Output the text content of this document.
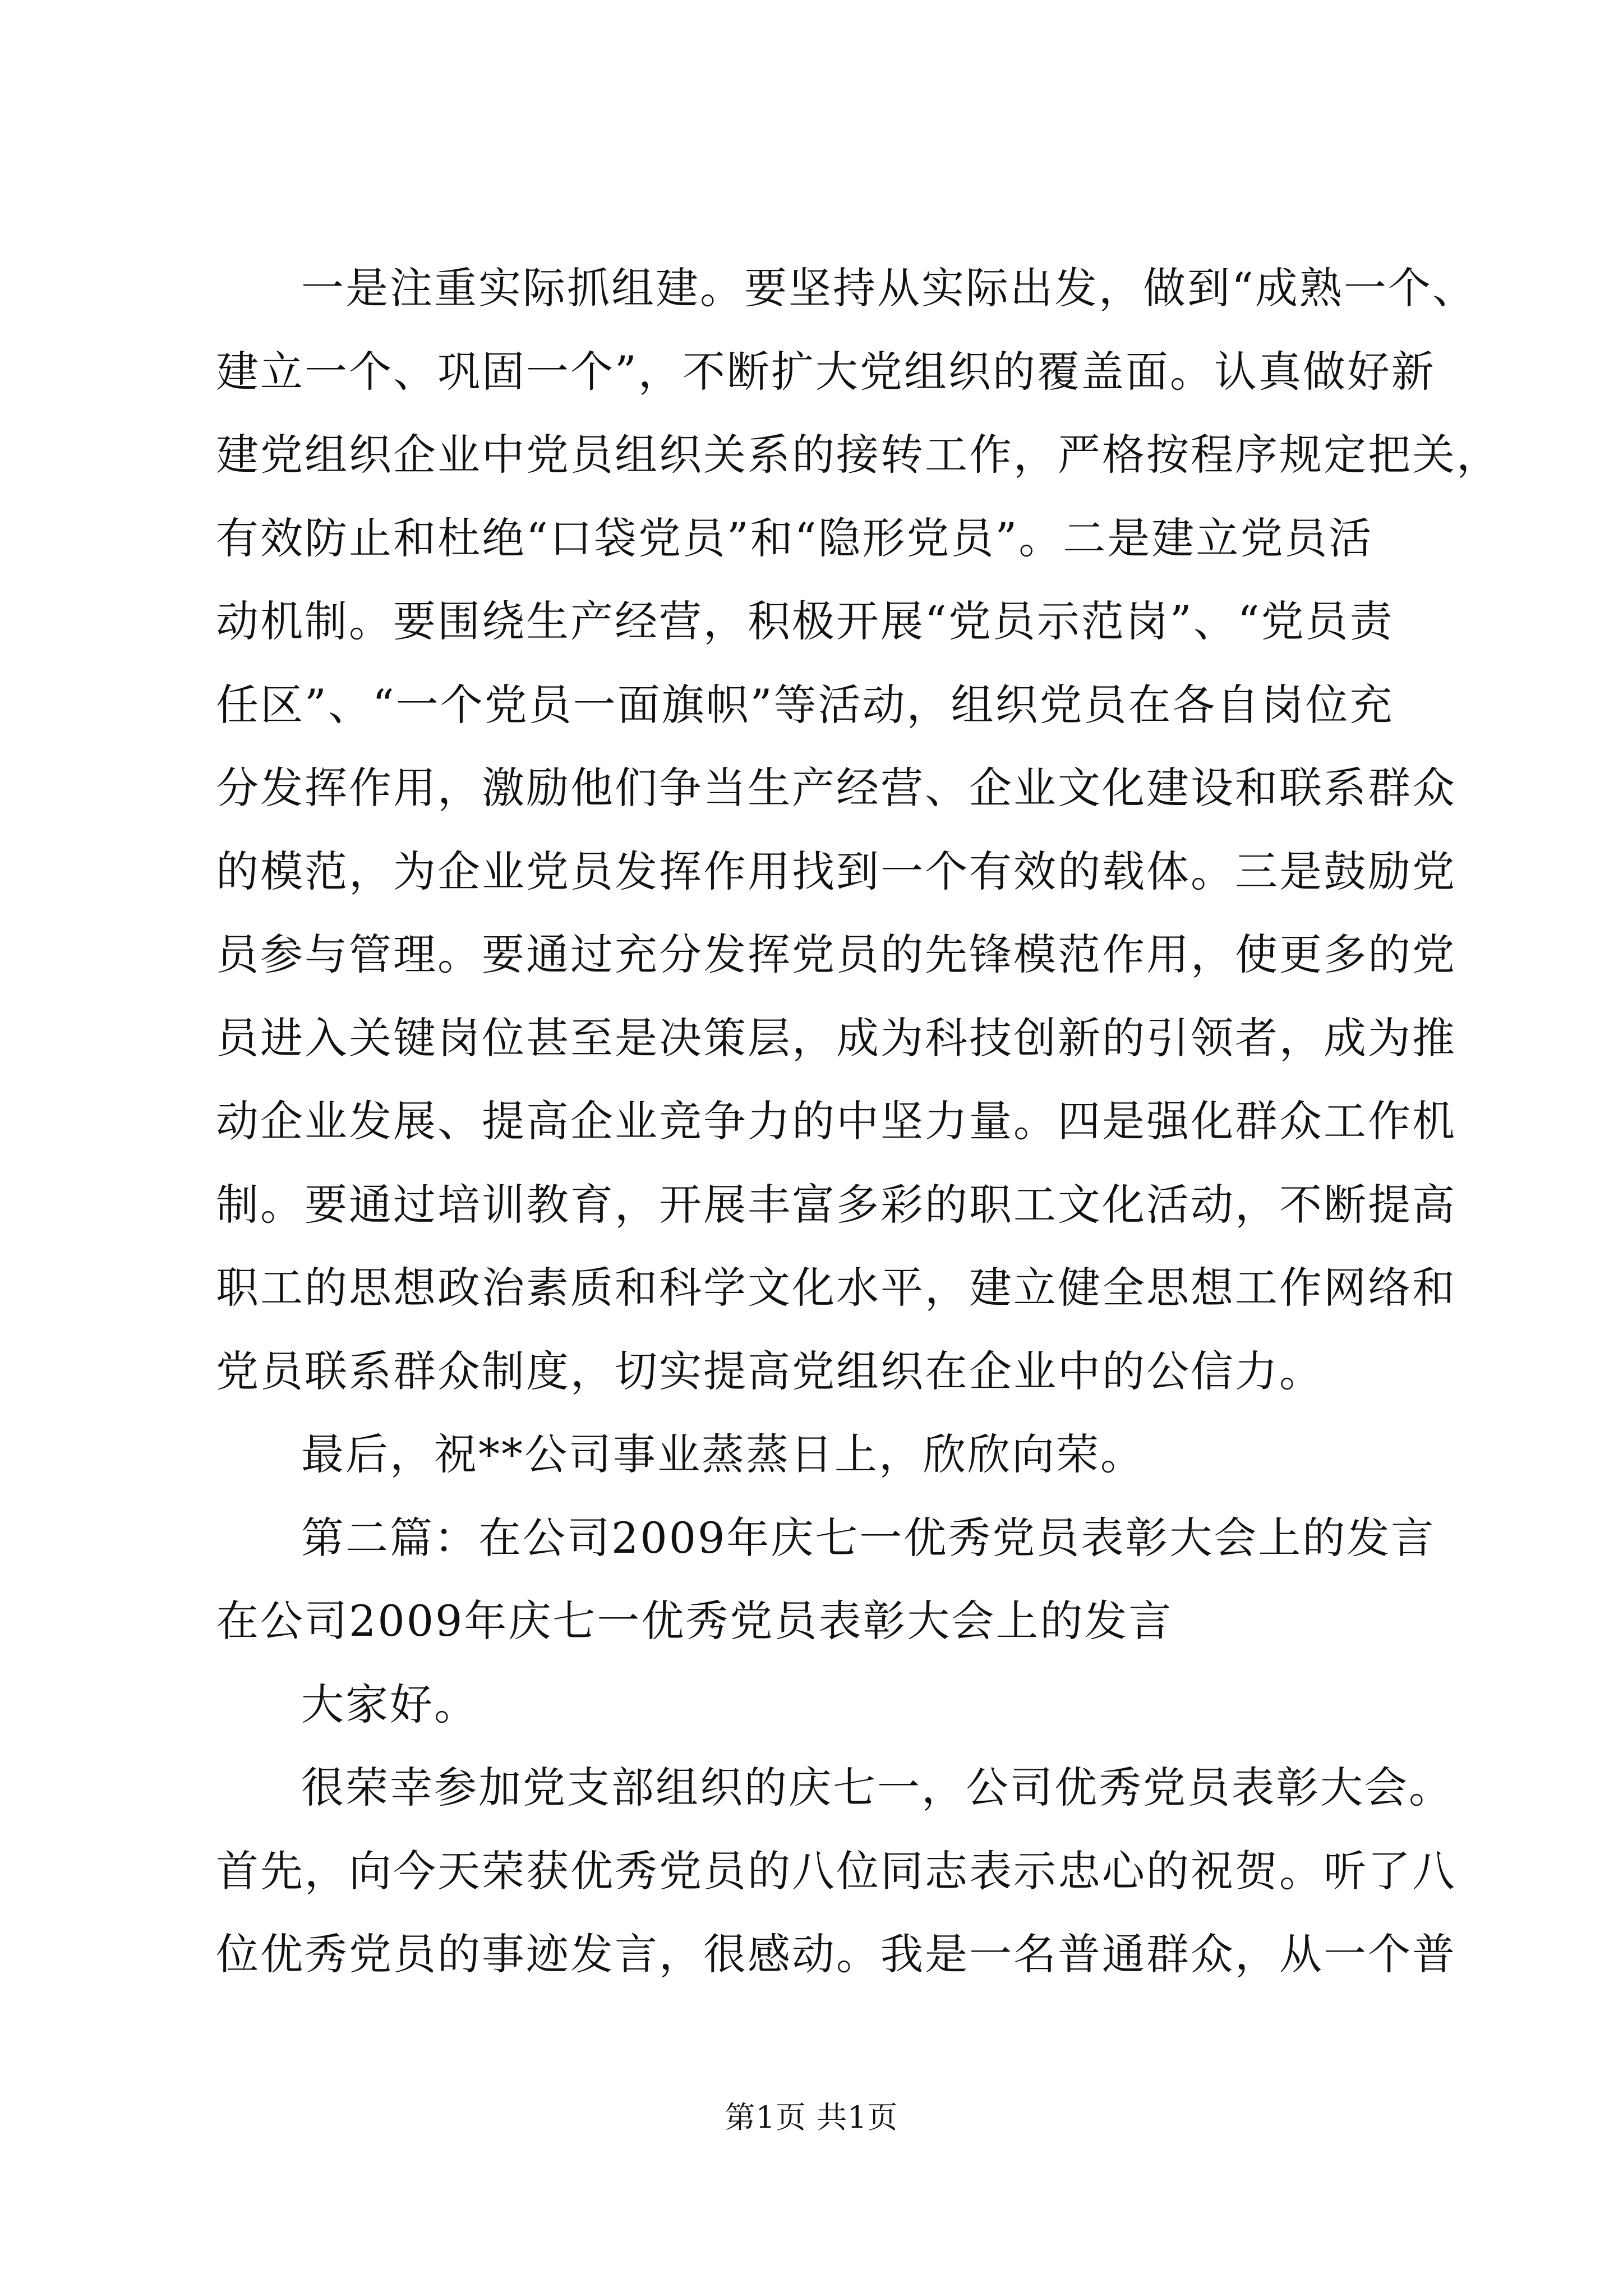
一是注重实际抓组建。要坚持从实际出发，做到“成熟一个、
建立一个、巩固一个”，不断扩大党组织的覆盖面。认真做好新
建党组织企业中党员组织关系的接转工作，严格按程序规定把关，
有效防止和杜绝“口袋党员”和“隐形党员”。二是建立党员活
动机制。要围绕生产经营，积极开展“党员示范岗”、“党员责
任区”、“一个党员一面旗帜”等活动，组织党员在各自岗位充
分发挥作用，激励他们争当生产经营、企业文化建设和联系群众
的模范，为企业党员发挥作用找到一个有效的载体。三是鼓励党
员参与管理。要通过充分发挥党员的先锋模范作用，使更多的党
员进入关键岗位甚至是决策层，成为科技创新的引领者，成为推
动企业发展、提高企业竞争力的中坚力量。四是强化群众工作机
制。要通过培训教育，开展丰富多彩的职工文化活动，不断提高
职工的思想政治素质和科学文化水平，建立健全思想工作网络和
党员联系群众制度，切实提高党组织在企业中的公信力。
最后，祝**公司事业蒸蒸日上，欣欣向荣。
第二篇：在公司2009年庆七一优秀党员表彰大会上的发言
在公司2009年庆七一优秀党员表彰大会上的发言
大家好。
很荣幸参加党支部组织的庆七一，公司优秀党员表彰大会。
首先，向今天荣获优秀党员的八位同志表示忠心的祝贺。听了八
位优秀党员的事迹发言，很感动。我是一名普通群众，从一个普
第1页 共1页
